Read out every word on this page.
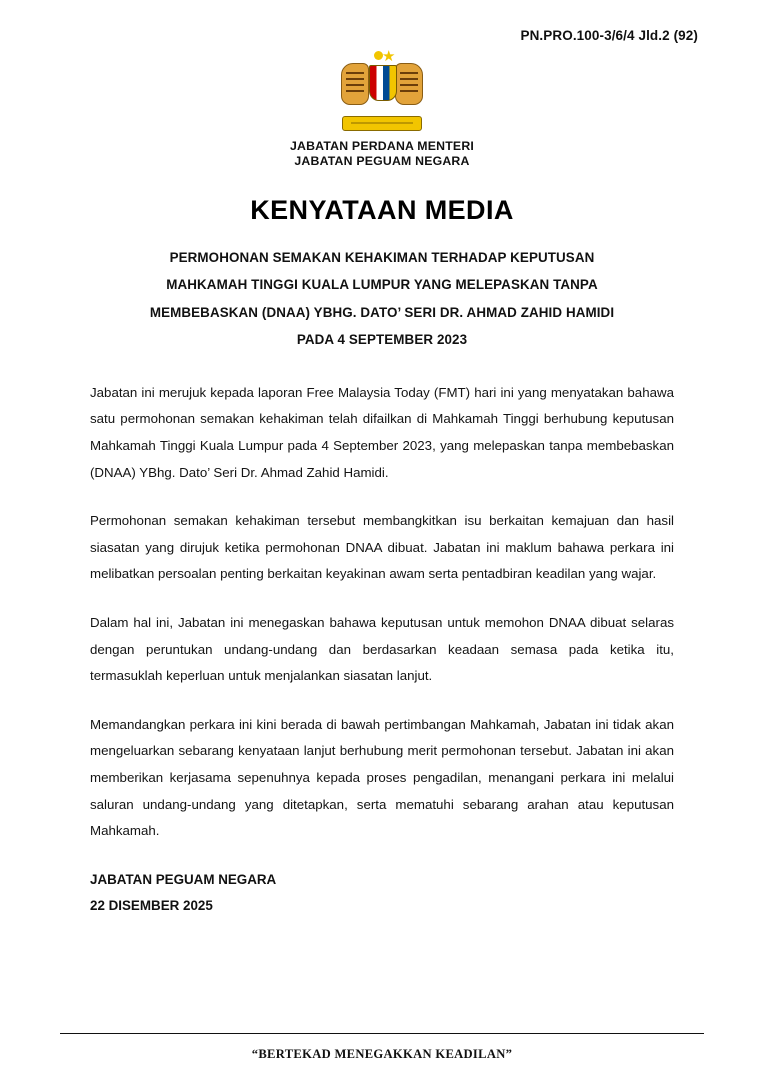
PN.PRO.100-3/6/4 Jld.2 (92)
★
JABATAN PERDANA MENTERI
JABATAN PEGUAM NEGARA
KENYATAAN MEDIA
PERMOHONAN SEMAKAN KEHAKIMAN TERHADAP KEPUTUSAN
MAHKAMAH TINGGI KUALA LUMPUR YANG MELEPASKAN TANPA
MEMBEBASKAN (DNAA) YBHG. DATO’ SERI DR. AHMAD ZAHID HAMIDI
PADA 4 SEPTEMBER 2023

Jabatan ini merujuk kepada laporan Free Malaysia Today (FMT) hari ini yang menyatakan bahawa satu permohonan semakan kehakiman telah difailkan di Mahkamah Tinggi berhubung keputusan Mahkamah Tinggi Kuala Lumpur pada 4 September 2023, yang melepaskan tanpa membebaskan (DNAA) YBhg. Dato’ Seri Dr. Ahmad Zahid Hamidi.

Permohonan semakan kehakiman tersebut membangkitkan isu berkaitan kemajuan dan hasil siasatan yang dirujuk ketika permohonan DNAA dibuat. Jabatan ini maklum bahawa perkara ini melibatkan persoalan penting berkaitan keyakinan awam serta pentadbiran keadilan yang wajar.

Dalam hal ini, Jabatan ini menegaskan bahawa keputusan untuk memohon DNAA dibuat selaras dengan peruntukan undang-undang dan berdasarkan keadaan semasa pada ketika itu, termasuklah keperluan untuk menjalankan siasatan lanjut.

Memandangkan perkara ini kini berada di bawah pertimbangan Mahkamah, Jabatan ini tidak akan mengeluarkan sebarang kenyataan lanjut berhubung merit permohonan tersebut. Jabatan ini akan memberikan kerjasama sepenuhnya kepada proses pengadilan, menangani perkara ini melalui saluran undang-undang yang ditetapkan, serta mematuhi sebarang arahan atau keputusan Mahkamah.

JABATAN PEGUAM NEGARA
22 DISEMBER 2025
“BERTEKAD MENEGAKKAN KEADILAN”
